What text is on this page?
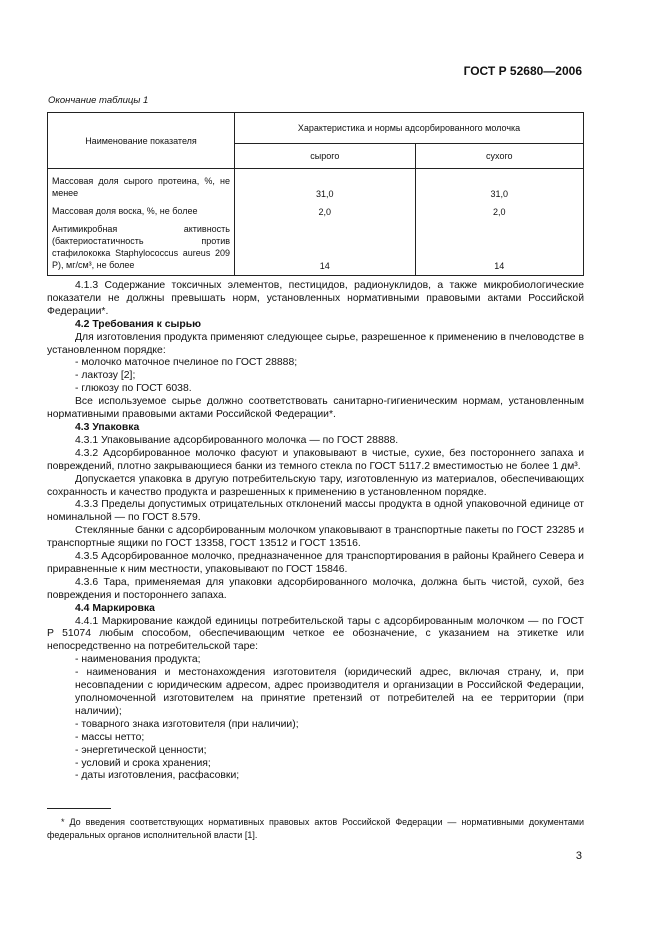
ГОСТ Р 52680—2006
Окончание таблицы 1
Наименование показателя	Характеристика и нормы адсорбированного молочка	
	сырого	сухого
Массовая доля сырого протеина, %, не менее	31,0	31,0
Массовая доля воска, %, не более	2,0	2,0
Антимикробная активность (бактериостатичность против стафилококка Staphylococcus aureus 209 Р), мг/см³, не более	14	14

4.1.3 Содержание токсичных элементов, пестицидов, радионуклидов, а также микробиологические показатели не должны превышать норм, установленных нормативными правовыми актами Российской Федерации*.

4.2 Требования к сырью

Для изготовления продукта применяют следующее сырье, разрешенное к применению в пчеловодстве в установленном порядке:

- молочко маточное пчелиное по ГОСТ 28888;

- лактозу [2];

- глюкозу по ГОСТ 6038.

Все используемое сырье должно соответствовать санитарно-гигиеническим нормам, установленным нормативными правовыми актами Российской Федерации*.

4.3 Упаковка

4.3.1 Упаковывание адсорбированного молочка — по ГОСТ 28888.

4.3.2 Адсорбированное молочко фасуют и упаковывают в чистые, сухие, без постороннего запаха и повреждений, плотно закрывающиеся банки из темного стекла по ГОСТ 5117.2 вместимостью не более 1 дм³.

Допускается упаковка в другую потребительскую тару, изготовленную из материалов, обеспечивающих сохранность и качество продукта и разрешенных к применению в установленном порядке.

4.3.3 Пределы допустимых отрицательных отклонений массы продукта в одной упаковочной единице от номинальной — по ГОСТ 8.579.

Стеклянные банки с адсорбированным молочком упаковывают в транспортные пакеты по ГОСТ 23285 и транспортные ящики по ГОСТ 13358, ГОСТ 13512 и ГОСТ 13516.

4.3.5 Адсорбированное молочко, предназначенное для транспортирования в районы Крайнего Севера и приравненные к ним местности, упаковывают по ГОСТ 15846.

4.3.6 Тара, применяемая для упаковки адсорбированного молочка, должна быть чистой, сухой, без повреждения и постороннего запаха.

4.4 Маркировка

4.4.1 Маркирование каждой единицы потребительской тары с адсорбированным молочком — по ГОСТ Р 51074 любым способом, обеспечивающим четкое ее обозначение, с указанием на этикетке или непосредственно на потребительской таре:

- наименования продукта;

- наименования и местонахождения изготовителя (юридический адрес, включая страну, и, при несовпадении с юридическим адресом, адрес производителя и организации в Российской Федерации, уполномоченной изготовителем на принятие претензий от потребителей на ее территории (при наличии);

- товарного знака изготовителя (при наличии);

- массы нетто;

- энергетической ценности;

- условий и срока хранения;

- даты изготовления, расфасовки;

* До введения соответствующих нормативных правовых актов Российской Федерации — нормативными документами федеральных органов исполнительной власти [1].
3
